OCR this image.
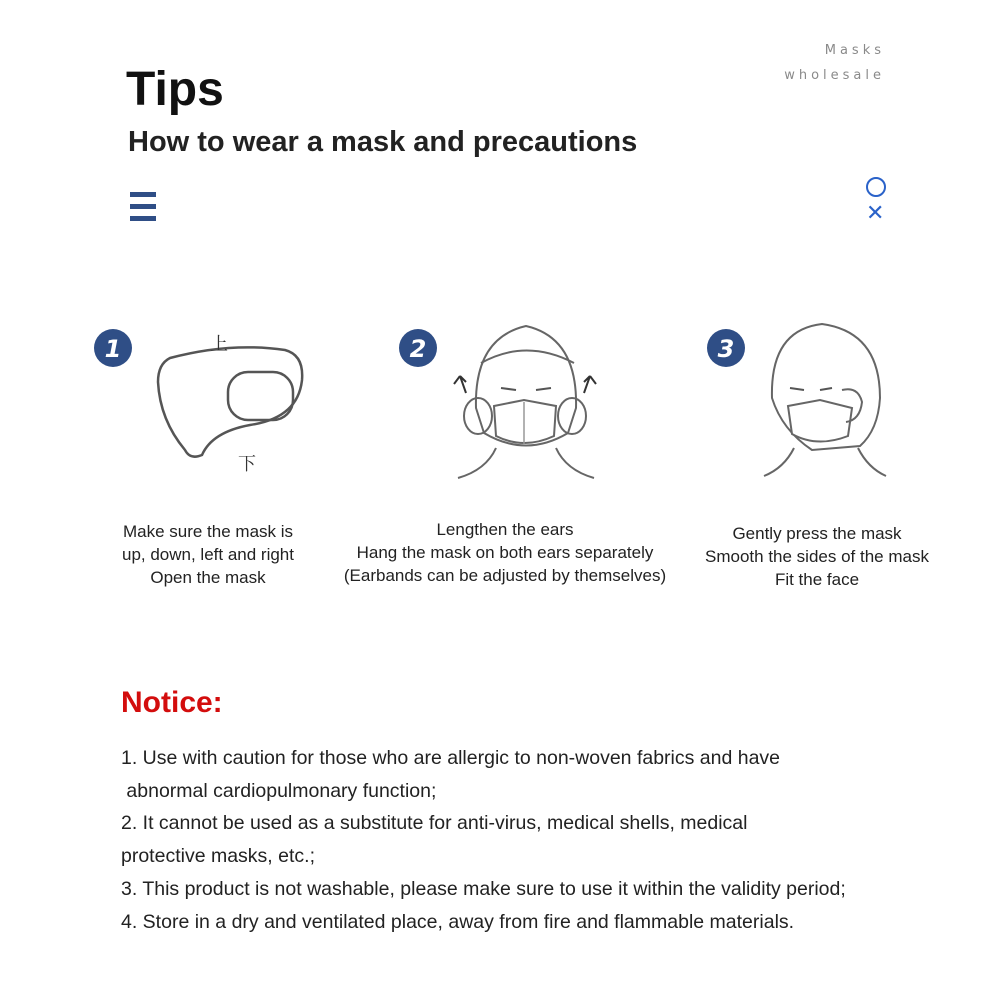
Masks
wholesale
Tips
How to wear a mask and precautions
✕
1	上
下
2	3
Make sure the mask is
up, down, left and right
Open the mask
Lengthen the ears
Hang the mask on both ears separately
(Earbands can be adjusted by themselves)
Gently press the mask
Smooth the sides of the mask
Fit the face
Notice:
1. Use with caution for those who are allergic to non-woven fabrics and have
abnormal cardiopulmonary function;
2. It cannot be used as a substitute for anti-virus, medical shells, medical
protective masks, etc.;
3. This product is not washable, please make sure to use it within the validity period;
4. Store in a dry and ventilated place, away from fire and flammable materials.
